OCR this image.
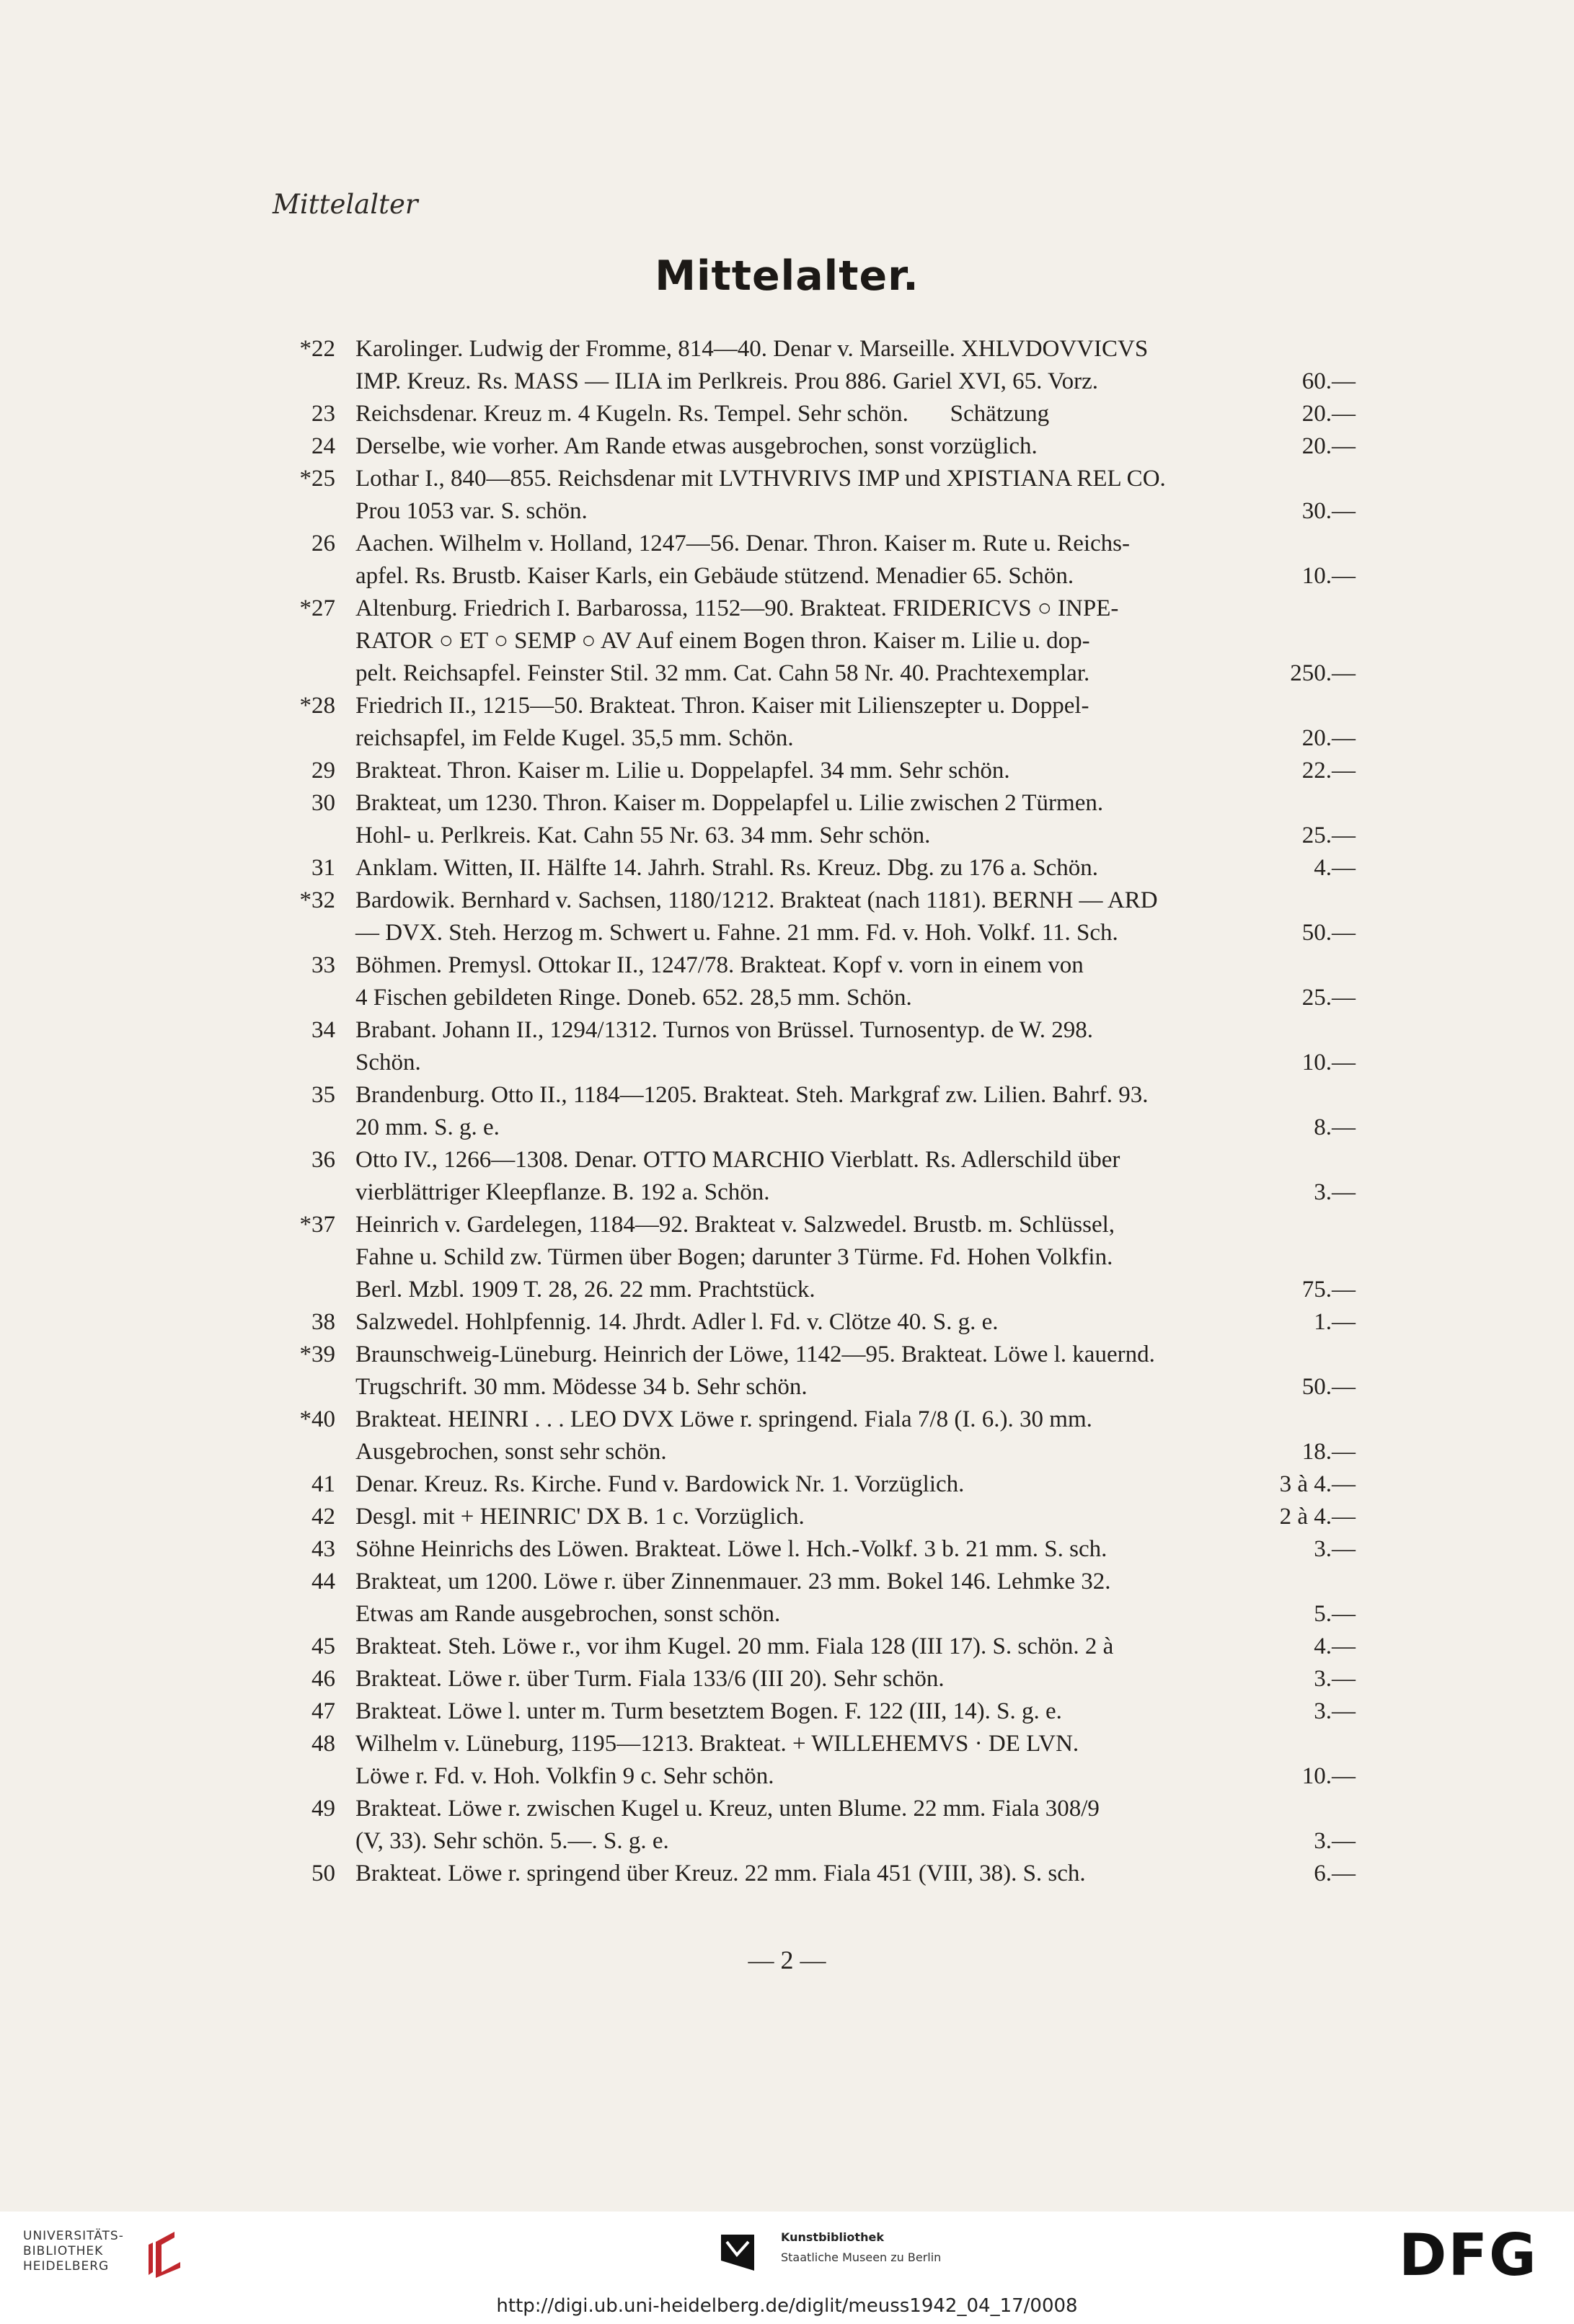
Mittelalter
Mittelalter.
*22 Karolinger. Ludwig der Fromme, 814—40. Denar v. Marseille. XHLVDOVVICVS
IMP. Kreuz. Rs. MASS — ILIA im Perlkreis. Prou 886. Gariel XVI, 65. Vorz.	60.—
23 Reichsdenar. Kreuz m. 4 Kugeln. Rs. Tempel. Sehr schön.       Schätzung	20.—
24 Derselbe, wie vorher. Am Rande etwas ausgebrochen, sonst vorzüglich.	20.—
*25 Lothar I., 840—855. Reichsdenar mit LVTHVRIVS IMP und XPISTIANA REL CO.
Prou 1053 var. S. schön.	30.—
26 Aachen. Wilhelm v. Holland, 1247—56. Denar. Thron. Kaiser m. Rute u. Reichs-
apfel. Rs. Brustb. Kaiser Karls, ein Gebäude stützend. Menadier 65. Schön.	10.—
*27 Altenburg. Friedrich I. Barbarossa, 1152—90. Brakteat. FRIDERICVS ○ INPE-
RATOR ○ ET ○ SEMP ○ AV Auf einem Bogen thron. Kaiser m. Lilie u. dop-
pelt. Reichsapfel. Feinster Stil. 32 mm. Cat. Cahn 58 Nr. 40. Prachtexemplar.	250.—
*28 Friedrich II., 1215—50. Brakteat. Thron. Kaiser mit Lilienszepter u. Doppel-
reichsapfel, im Felde Kugel. 35,5 mm. Schön.	20.—
29 Brakteat. Thron. Kaiser m. Lilie u. Doppelapfel. 34 mm. Sehr schön.	22.—
30 Brakteat, um 1230. Thron. Kaiser m. Doppelapfel u. Lilie zwischen 2 Türmen.
Hohl- u. Perlkreis. Kat. Cahn 55 Nr. 63. 34 mm. Sehr schön.	25.—
31 Anklam. Witten, II. Hälfte 14. Jahrh. Strahl. Rs. Kreuz. Dbg. zu 176 a. Schön.	4.—
*32 Bardowik. Bernhard v. Sachsen, 1180/1212. Brakteat (nach 1181). BERNH — ARD
— DVX. Steh. Herzog m. Schwert u. Fahne. 21 mm. Fd. v. Hoh. Volkf. 11. Sch.	50.—
33 Böhmen. Premysl. Ottokar II., 1247/78. Brakteat. Kopf v. vorn in einem von
4 Fischen gebildeten Ringe. Doneb. 652. 28,5 mm. Schön.	25.—
34 Brabant. Johann II., 1294/1312. Turnos von Brüssel. Turnosentyp. de W. 298.
Schön.	10.—
35 Brandenburg. Otto II., 1184—1205. Brakteat. Steh. Markgraf zw. Lilien. Bahrf. 93.
20 mm. S. g. e.	8.—
36 Otto IV., 1266—1308. Denar. OTTO MARCHIO Vierblatt. Rs. Adlerschild über
vierblättriger Kleepflanze. B. 192 a. Schön.	3.—
*37 Heinrich v. Gardelegen, 1184—92. Brakteat v. Salzwedel. Brustb. m. Schlüssel,
Fahne u. Schild zw. Türmen über Bogen; darunter 3 Türme. Fd. Hohen Volkfin.
Berl. Mzbl. 1909 T. 28, 26. 22 mm. Prachtstück.	75.—
38 Salzwedel. Hohlpfennig. 14. Jhrdt. Adler l. Fd. v. Clötze 40. S. g. e.	1.—
*39 Braunschweig-Lüneburg. Heinrich der Löwe, 1142—95. Brakteat. Löwe l. kauernd.
Trugschrift. 30 mm. Mödesse 34 b. Sehr schön.	50.—
*40 Brakteat. HEINRI . . . LEO DVX Löwe r. springend. Fiala 7/8 (I. 6.). 30 mm.
Ausgebrochen, sonst sehr schön.	18.—
41 Denar. Kreuz. Rs. Kirche. Fund v. Bardowick Nr. 1. Vorzüglich.	3 à 4.—
42 Desgl. mit + HEINRIC' DX B. 1 c. Vorzüglich.	2 à 4.—
43 Söhne Heinrichs des Löwen. Brakteat. Löwe l. Hch.-Volkf. 3 b. 21 mm. S. sch.	3.—
44 Brakteat, um 1200. Löwe r. über Zinnenmauer. 23 mm. Bokel 146. Lehmke 32.
Etwas am Rande ausgebrochen, sonst schön.	5.—
45 Brakteat. Steh. Löwe r., vor ihm Kugel. 20 mm. Fiala 128 (III 17). S. schön. 2 à	4.—
46 Brakteat. Löwe r. über Turm. Fiala 133/6 (III 20). Sehr schön.	3.—
47 Brakteat. Löwe l. unter m. Turm besetztem Bogen. F. 122 (III, 14). S. g. e.	3.—
48 Wilhelm v. Lüneburg, 1195—1213. Brakteat. + WILLEHEMVS · DE LVN.
Löwe r. Fd. v. Hoh. Volkfin 9 c. Sehr schön.	10.—
49 Brakteat. Löwe r. zwischen Kugel u. Kreuz, unten Blume. 22 mm. Fiala 308/9
(V, 33). Sehr schön. 5.—. S. g. e.	3.—
50 Brakteat. Löwe r. springend über Kreuz. 22 mm. Fiala 451 (VIII, 38). S. sch.	6.—
— 2 —
UNIVERSITÄTS-
BIBLIOTHEK
HEIDELBERG
Kunstbibliothek
Staatliche Museen zu Berlin	DFG
http://digi.ub.uni-heidelberg.de/diglit/meuss1942_04_17/0008
